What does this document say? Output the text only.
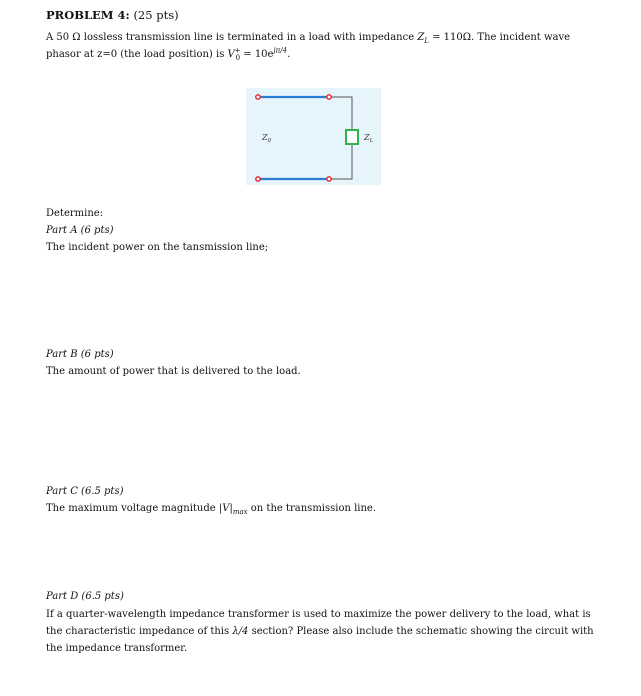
PROBLEM 4: (25 pts)
A 50 Ω lossless transmission line is terminated in a load with impedance $Z_L = 110\Omega$. The incident wave
phasor at z=0 (the load position) is $V^+_0 = 10e^{j\pi/4}$.
$Z_0$	$Z_L$
Determine:
Part A (6 pts)
The incident power on the tansmission line;
Part B (6 pts)
The amount of power that is delivered to the load.
Part C (6.5 pts)
The maximum voltage magnitude $|V|_{max}$ on the transmission line.
Part D (6.5 pts)
If a quarter-wavelength impedance transformer is used to maximize the power delivery to the load, what is
the characteristic impedance of this λ/4 section? Please also include the schematic showing the circuit with
the impedance transformer.
